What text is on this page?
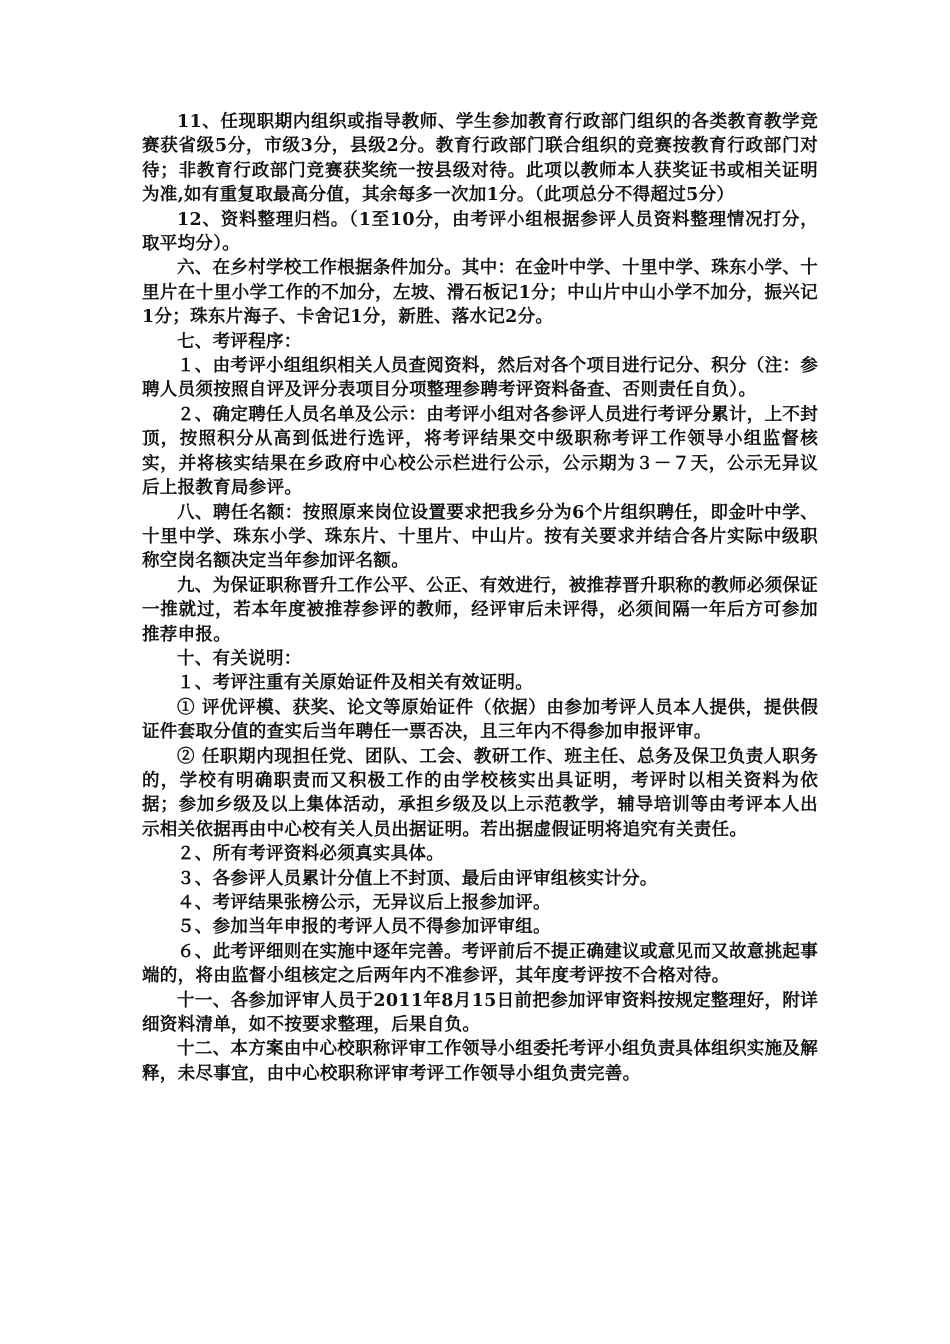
11、任现职期内组织或指导教师、学生参加教育行政部门组织的各类教育教学竞赛获省级5分，市级3分，县级2分。教育行政部门联合组织的竞赛按教育行政部门对待；非教育行政部门竞赛获奖统一按县级对待。此项以教师本人获奖证书或相关证明为准,如有重复取最高分值，其余每多一次加1分。（此项总分不得超过5分）

12、资料整理归档。（1至10分，由考评小组根据参评人员资料整理情况打分，取平均分）。

六、在乡村学校工作根据条件加分。其中：在金叶中学、十里中学、珠东小学、十里片在十里小学工作的不加分，左坡、滑石板记1分；中山片中山小学不加分，振兴记1分；珠东片海子、卡舍记1分，新胜、落水记2分。

七、考评程序：

１、由考评小组组织相关人员查阅资料，然后对各个项目进行记分、积分（注：参聘人员须按照自评及评分表项目分项整理参聘考评资料备查、否则责任自负）。

２、确定聘任人员名单及公示：由考评小组对各参评人员进行考评分累计，上不封顶，按照积分从高到低进行选评，将考评结果交中级职称考评工作领导小组监督核实，并将核实结果在乡政府中心校公示栏进行公示，公示期为３－７天，公示无异议后上报教育局参评。

八、聘任名额：按照原来岗位设置要求把我乡分为6个片组织聘任，即金叶中学、十里中学、珠东小学、珠东片、十里片、中山片。按有关要求并结合各片实际中级职称空岗名额决定当年参加评名额。

九、为保证职称晋升工作公平、公正、有效进行，被推荐晋升职称的教师必须保证一推就过，若本年度被推荐参评的教师，经评审后未评得，必须间隔一年后方可参加推荐申报。

十、有关说明：

１、考评注重有关原始证件及相关有效证明。

① 评优评模、获奖、论文等原始证件（依据）由参加考评人员本人提供，提供假证件套取分值的查实后当年聘任一票否决，且三年内不得参加申报评审。

② 任职期内现担任党、团队、工会、教研工作、班主任、总务及保卫负责人职务的，学校有明确职责而又积极工作的由学校核实出具证明，考评时以相关资料为依据；参加乡级及以上集体活动，承担乡级及以上示范教学，辅导培训等由考评本人出示相关依据再由中心校有关人员出据证明。若出据虚假证明将追究有关责任。

２、所有考评资料必须真实具体。

３、各参评人员累计分值上不封顶、最后由评审组核实计分。

４、考评结果张榜公示，无异议后上报参加评。

５、参加当年申报的考评人员不得参加评审组。

６、此考评细则在实施中逐年完善。考评前后不提正确建议或意见而又故意挑起事端的，将由监督小组核定之后两年内不准参评，其年度考评按不合格对待。

十一、各参加评审人员于2011年8月15日前把参加评审资料按规定整理好，附详细资料清单，如不按要求整理，后果自负。

十二、本方案由中心校职称评审工作领导小组委托考评小组负责具体组织实施及解释，未尽事宜，由中心校职称评审考评工作领导小组负责完善。
